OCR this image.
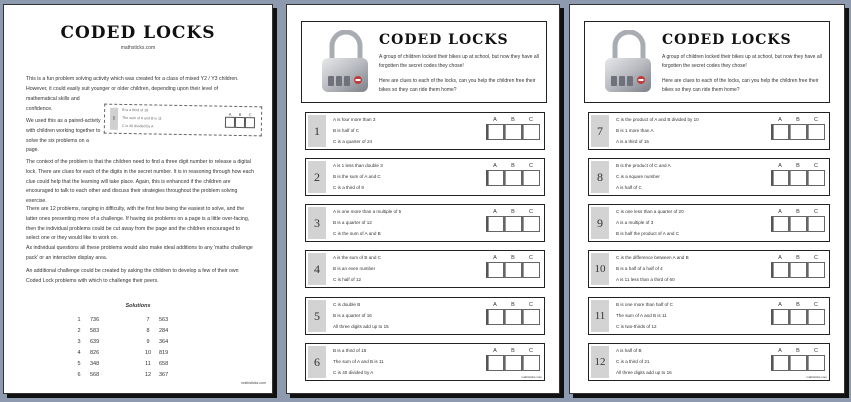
CODED LOCKS
mathsticks.com
This is a fun problem solving activity which was created for a class of mixed Y2 / Y3 children. However, it could easily suit younger or older children, depending upon their level of
mathematical skills and confidence.
We used this as a paired-activity with children working together to solve the six problems on a page.
6
B is a third of 18
The sum of A and B is 11
C is 40 divided by A
A	B	C
The context of the problem is that the children need to find a three digit number to release a digital lock. There are clues for each of the digits in the secret number. It is in reasoning through how each clue could help that the learning will take place. Again, this is enhanced if the children are encouraged to talk to each other and discuss their strategies throughout the problem solving exercise.
There are 12 problems, ranging in difficulty, with the first few being the easiest to solve, and the latter ones presenting more of a challenge. If having six problems on a page is a little over-facing, then the individual problems could be cut away from the page and the children encouraged to select one or they would like to work on.
As individual questions all these problems would also make ideal additions to any 'maths challenge pack' or an interactive display area.
An additional challenge could be created by asking the children to develop a few of their own Coded Lock problems with which to challenge their peers.
Solutions
1	736
2	583
3	639
4	826
5	348
6	568
7	563
8	284
9	364
10	819
11	658
12	367
mathsticks.com
CODED LOCKS
A group of children locked their bikes up at school, but now they have all forgotten the secret codes they chose!
Here are clues to each of the locks, can you help the children free their bikes so they can ride them home?
1
A is four more than 3
B is half of C
C is a quarter of 24
A	B	C
2
A is 1 less than double 3
B is the sum of A and C
C is a third of 9
A	B	C
3
A is one more than a multiple of 5
B is a quarter of 12
C is the sum of A and B
A	B	C
4
A is the sum of B and C
B is an even number
C is half of 12
A	B	C
5
C is double B
B is a quarter of 16
All three digits add up to 15
A	B	C
6
B is a third of 18
The sum of A and B is 11
C is 40 divided by A
A	B	C
mathsticks.com
CODED LOCKS
A group of children locked their bikes up at school, but now they have all forgotten the secret codes they chose!
Here are clues to each of the locks, can you help the children free their bikes so they can ride them home?
7
C is the product of A and B divided by 10
B is 1 more than A
A is a third of 15
A	B	C
8
B is the product of C and A
C is a square number
A is half of C
A	B	C
9
C is one less than a quarter of 20
A is a multiple of 3
B is half the product of A and C
A	B	C
10
C is the difference between A and B
B is a half of a half of 4
A is 11 less than a third of 60
A	B	C
11
B is one more than half of C
The sum of A and B is 11
C is two-thirds of 12
A	B	C
12
A is half of B
C is a third of 21
All three digits add up to 16
A	B	C
mathsticks.com
